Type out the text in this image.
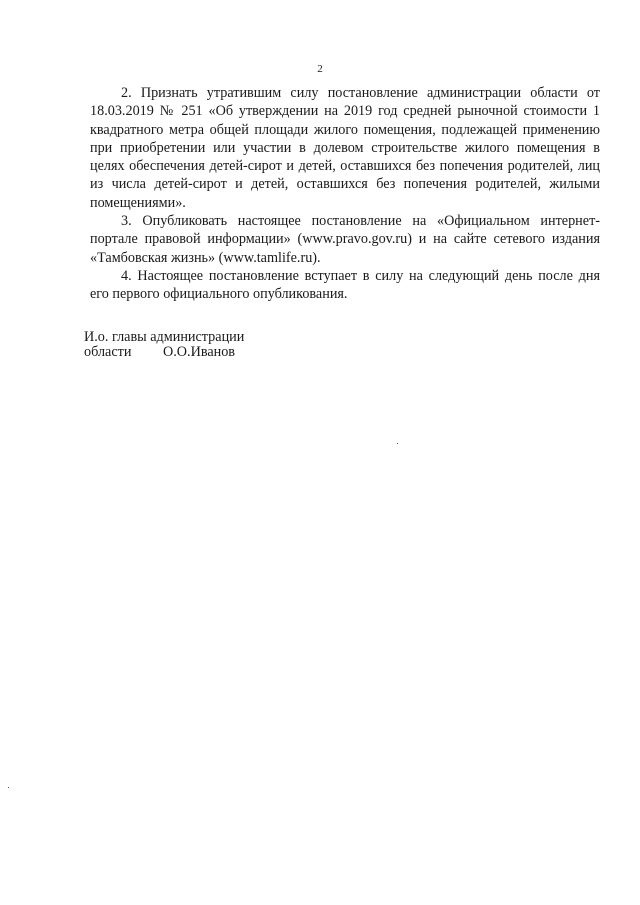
2

2. Признать утратившим силу постановление администрации области от 18.03.2019 № 251 «Об утверждении на 2019 год средней рыночной стоимости 1 квадратного метра общей площади жилого помещения, подлежащей применению при приобретении или участии в долевом строительстве жилого помещения в целях обеспечения детей-сирот и детей, оставшихся без попечения родителей, лиц из числа детей-сирот и детей, оставшихся без попечения родителей, жилыми помещениями».

3. Опубликовать настоящее постановление на «Официальном интернет-портале правовой информации» (www.pravo.gov.ru) и на сайте сетевого издания «Тамбовская жизнь» (www.tamlife.ru).

4. Настоящее постановление вступает в силу на следующий день после дня его первого официального опубликования.

И.о. главы администрации
области О.О.Иванов
